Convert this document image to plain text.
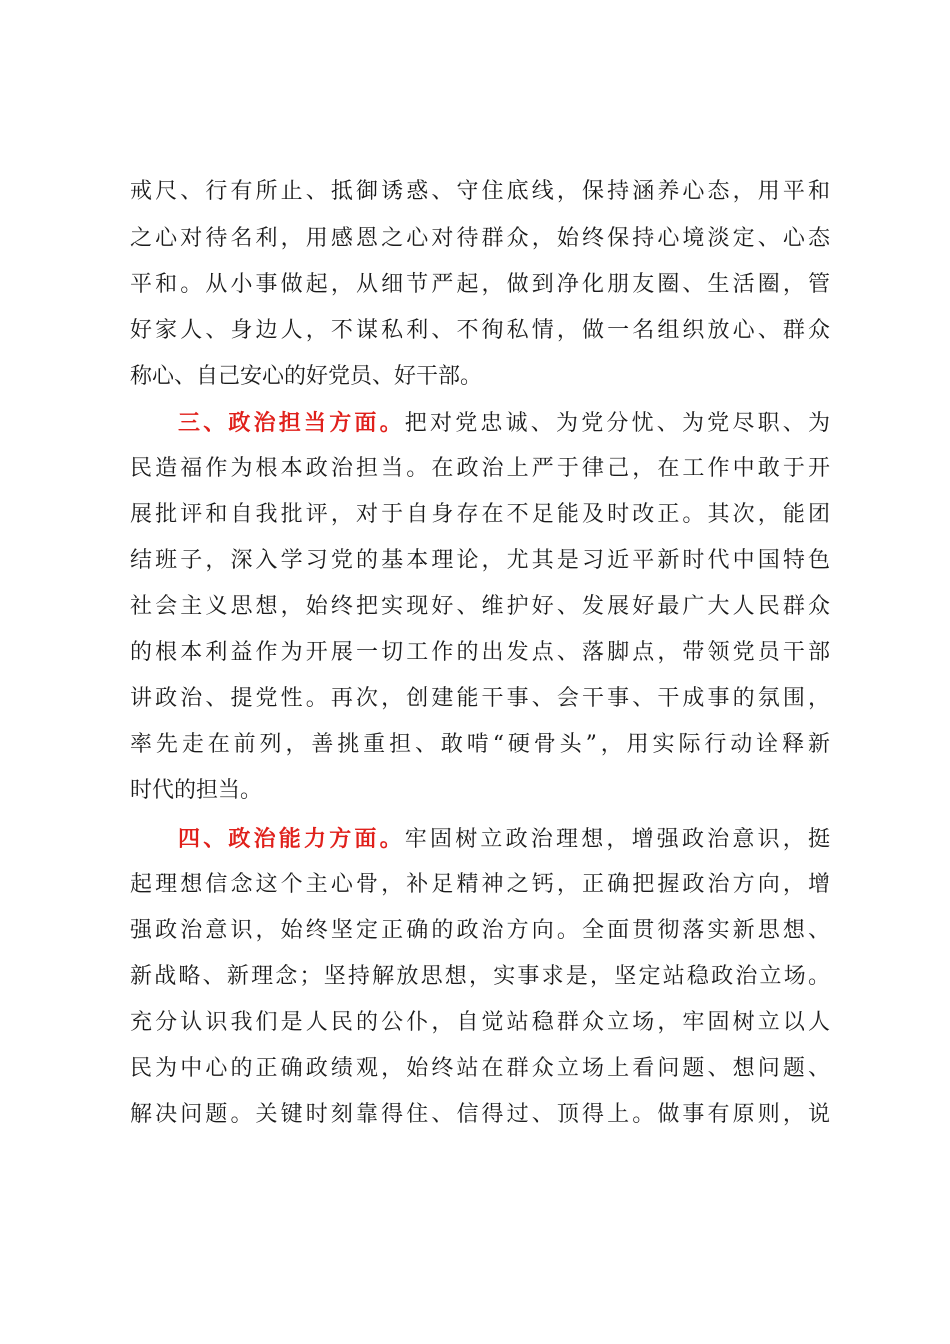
戒尺、行有所止、抵御诱惑、守住底线，保持涵养心态，用平和
之心对待名利，用感恩之心对待群众，始终保持心境淡定、心态
平和。从小事做起，从细节严起，做到净化朋友圈、生活圈，管
好家人、身边人，不谋私利、不徇私情，做一名组织放心、群众
称心、自己安心的好党员、好干部。
三、政治担当方面。把对党忠诚、为党分忧、为党尽职、为
民造福作为根本政治担当。在政治上严于律己，在工作中敢于开
展批评和自我批评，对于自身存在不足能及时改正。其次，能团
结班子，深入学习党的基本理论，尤其是习近平新时代中国特色
社会主义思想，始终把实现好、维护好、发展好最广大人民群众
的根本利益作为开展一切工作的出发点、落脚点，带领党员干部
讲政治、提党性。再次，创建能干事、会干事、干成事的氛围，
率先走在前列，善挑重担、敢啃“硬骨头”，用实际行动诠释新
时代的担当。
四、政治能力方面。牢固树立政治理想，增强政治意识，挺
起理想信念这个主心骨，补足精神之钙，正确把握政治方向，增
强政治意识，始终坚定正确的政治方向。全面贯彻落实新思想、
新战略、新理念；坚持解放思想，实事求是，坚定站稳政治立场。
充分认识我们是人民的公仆，自觉站稳群众立场，牢固树立以人
民为中心的正确政绩观，始终站在群众立场上看问题、想问题、
解决问题。关键时刻靠得住、信得过、顶得上。做事有原则，说
